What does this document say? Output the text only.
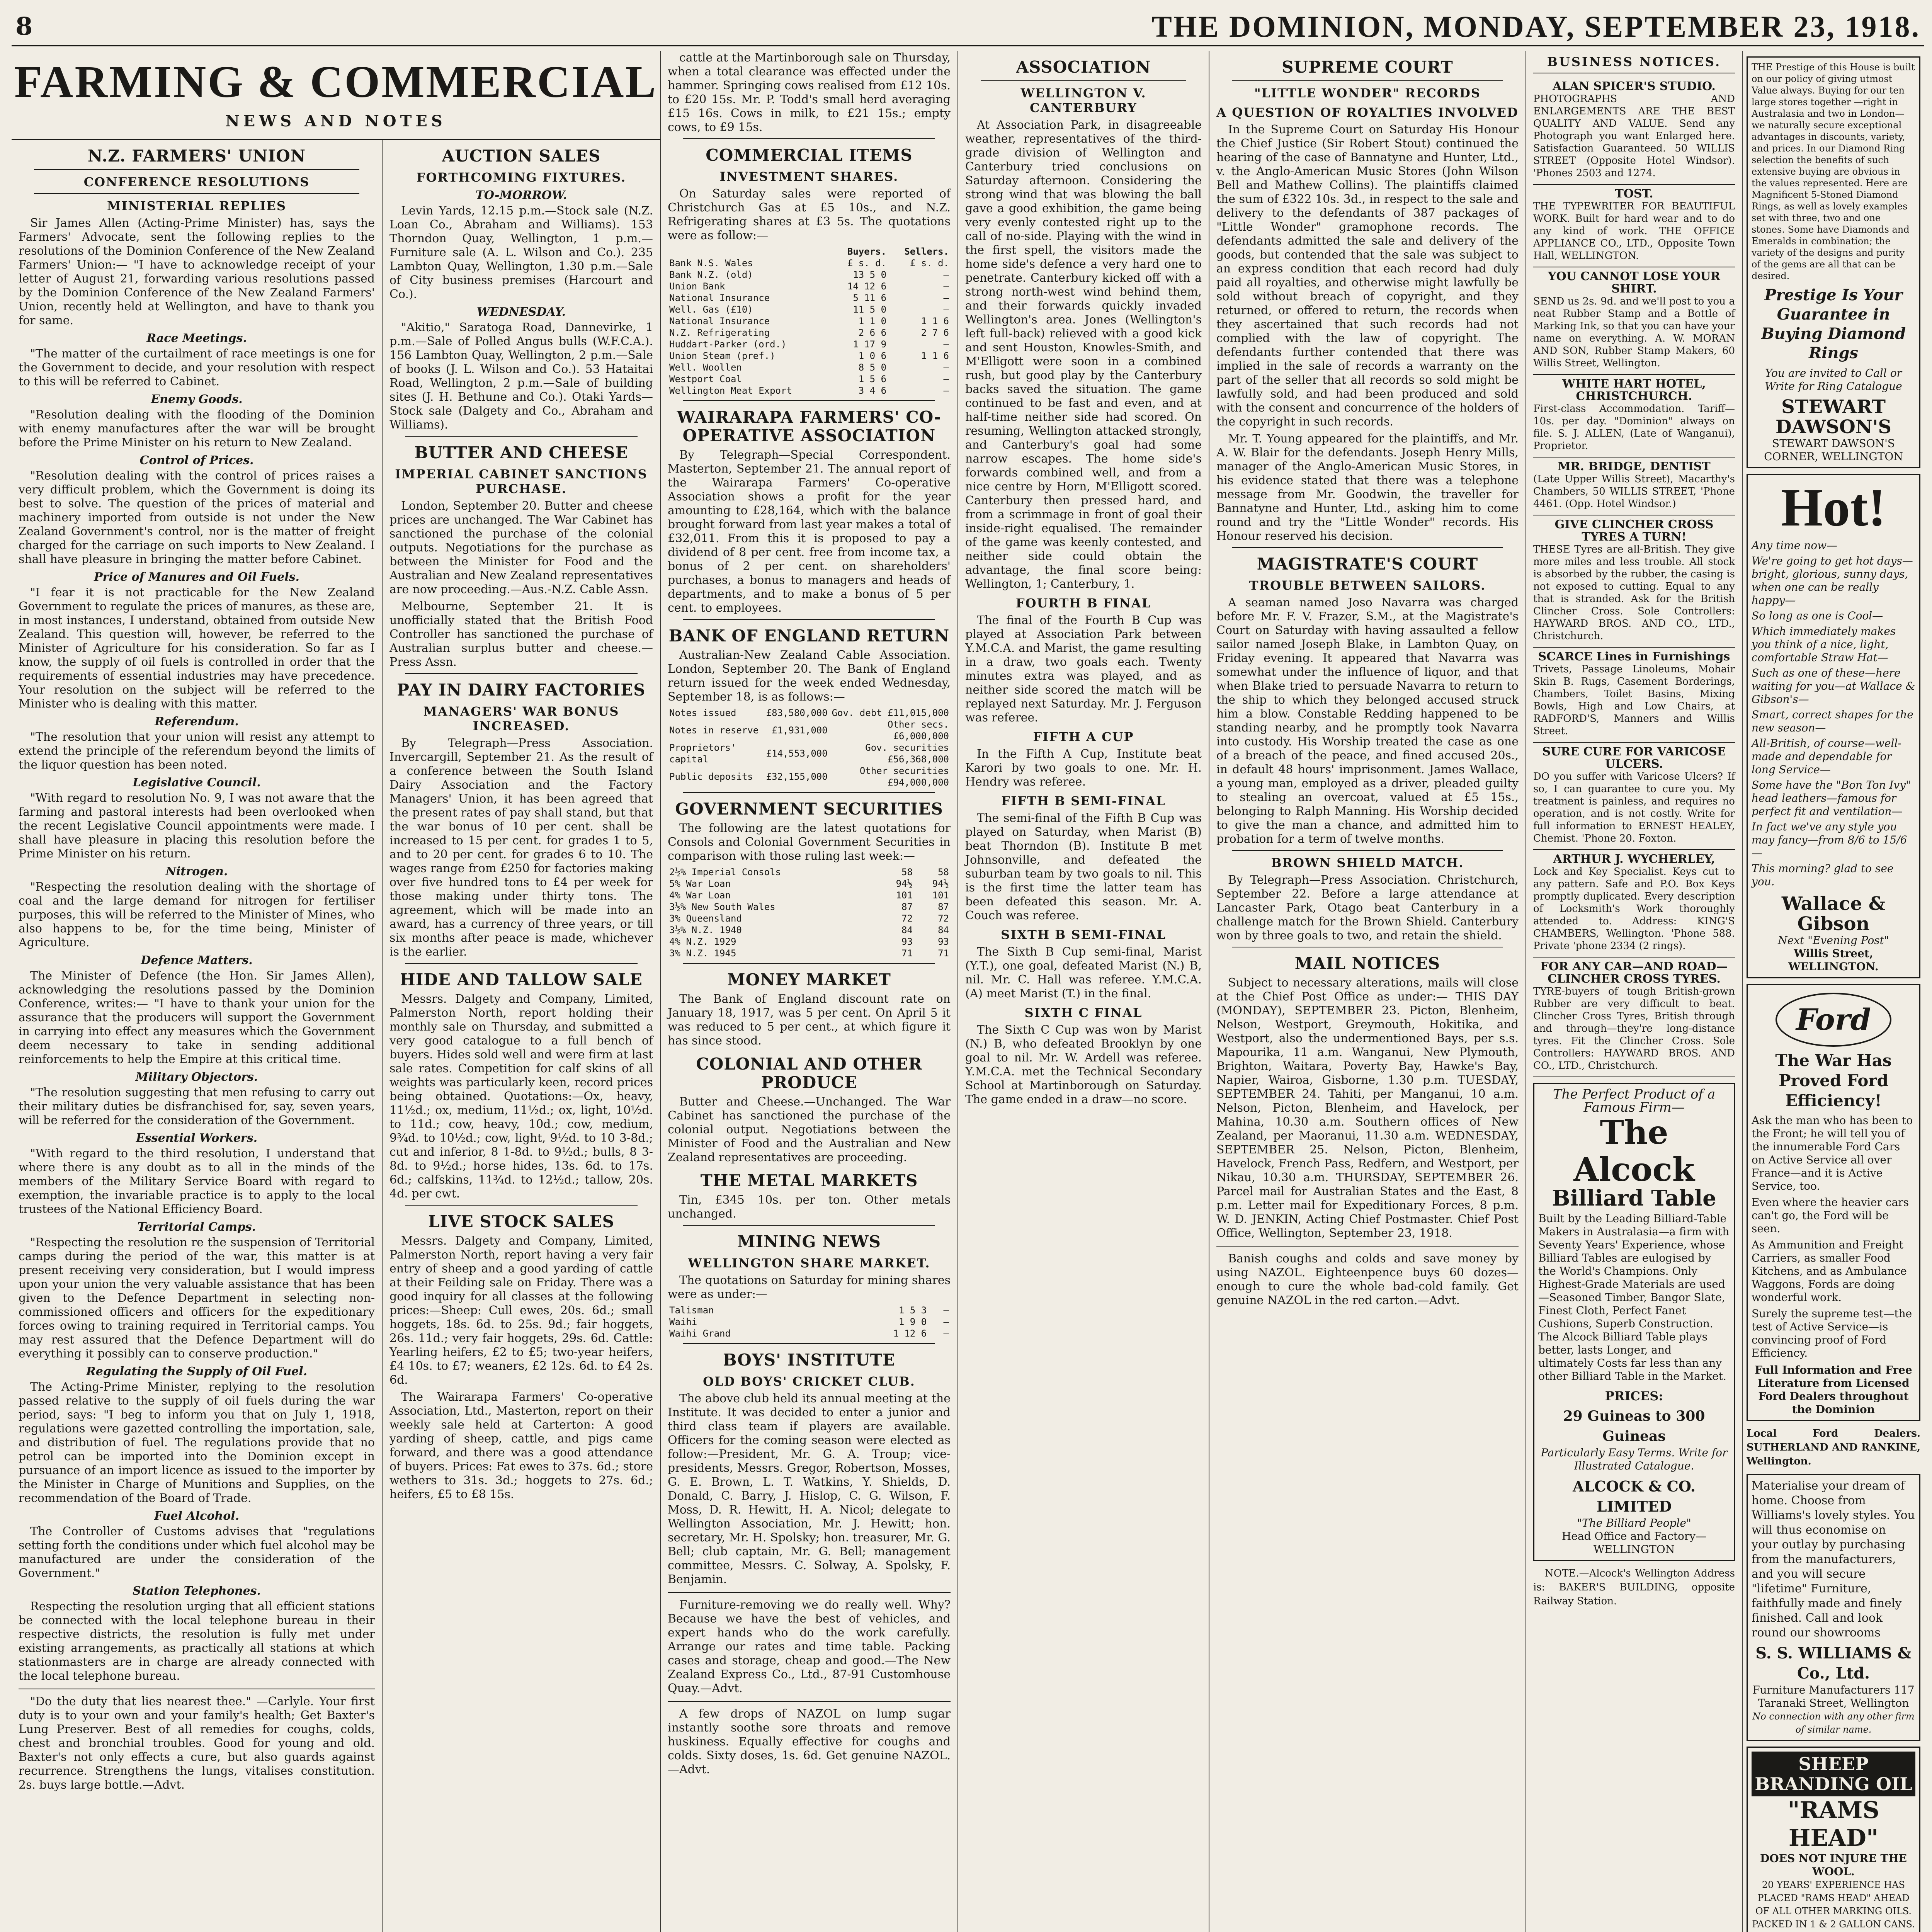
8	THE DOMINION, MONDAY, SEPTEMBER 23, 1918.
FARMING & COMMERCIAL
NEWS AND NOTES
N.Z. FARMERS' UNION
CONFERENCE RESOLUTIONS
MINISTERIAL REPLIES

Sir James Allen (Acting-Prime Minister) has, says the Farmers' Advocate, sent the following replies to the resolutions of the Dominion Conference of the New Zealand Farmers' Union:— "I have to acknowledge receipt of your letter of August 21, forwarding various resolutions passed by the Dominion Conference of the New Zealand Farmers' Union, recently held at Wellington, and have to thank you for same.

Race Meetings.

"The matter of the curtailment of race meetings is one for the Government to decide, and your resolution with respect to this will be referred to Cabinet.

Enemy Goods.

"Resolution dealing with the flooding of the Dominion with enemy manufactures after the war will be brought before the Prime Minister on his return to New Zealand.

Control of Prices.

"Resolution dealing with the control of prices raises a very difficult problem, which the Government is doing its best to solve. The question of the prices of material and machinery imported from outside is not under the New Zealand Government's control, nor is the matter of freight charged for the carriage on such imports to New Zealand. I shall have pleasure in bringing the matter before Cabinet.

Price of Manures and Oil Fuels.

"I fear it is not practicable for the New Zealand Government to regulate the prices of manures, as these are, in most instances, I understand, obtained from outside New Zealand. This question will, however, be referred to the Minister of Agriculture for his consideration. So far as I know, the supply of oil fuels is controlled in order that the requirements of essential industries may have precedence. Your resolution on the subject will be referred to the Minister who is dealing with this matter.

Referendum.

"The resolution that your union will resist any attempt to extend the principle of the referendum beyond the limits of the liquor question has been noted.

Legislative Council.

"With regard to resolution No. 9, I was not aware that the farming and pastoral interests had been overlooked when the recent Legislative Council appointments were made. I shall have pleasure in placing this resolution before the Prime Minister on his return.

Nitrogen.

"Respecting the resolution dealing with the shortage of coal and the large demand for nitrogen for fertiliser purposes, this will be referred to the Minister of Mines, who also happens to be, for the time being, Minister of Agriculture.

Defence Matters.

The Minister of Defence (the Hon. Sir James Allen), acknowledging the resolutions passed by the Dominion Conference, writes:— "I have to thank your union for the assurance that the producers will support the Government in carrying into effect any measures which the Government deem necessary to take in sending additional reinforcements to help the Empire at this critical time.

Military Objectors.

"The resolution suggesting that men refusing to carry out their military duties be disfranchised for, say, seven years, will be referred for the consideration of the Government.

Essential Workers.

"With regard to the third resolution, I understand that where there is any doubt as to all in the minds of the members of the Military Service Board with regard to exemption, the invariable practice is to apply to the local trustees of the National Efficiency Board.

Territorial Camps.

"Respecting the resolution re the suspension of Territorial camps during the period of the war, this matter is at present receiving very consideration, but I would impress upon your union the very valuable assistance that has been given to the Defence Department in selecting non-commissioned officers and officers for the expeditionary forces owing to training required in Territorial camps. You may rest assured that the Defence Department will do everything it possibly can to conserve production."

Regulating the Supply of Oil Fuel.

The Acting-Prime Minister, replying to the resolution passed relative to the supply of oil fuels during the war period, says: "I beg to inform you that on July 1, 1918, regulations were gazetted controlling the importation, sale, and distribution of fuel. The regulations provide that no petrol can be imported into the Dominion except in pursuance of an import licence as issued to the importer by the Minister in Charge of Munitions and Supplies, on the recommendation of the Board of Trade.

Fuel Alcohol.

The Controller of Customs advises that "regulations setting forth the conditions under which fuel alcohol may be manufactured are under the consideration of the Government."

Station Telephones.

Respecting the resolution urging that all efficient stations be connected with the local telephone bureau in their respective districts, the resolution is fully met under existing arrangements, as practically all stations at which stationmasters are in charge are already connected with the local telephone bureau.

"Do the duty that lies nearest thee." —Carlyle. Your first duty is to your own and your family's health; Get Baxter's Lung Preserver. Best of all remedies for coughs, colds, chest and bronchial troubles. Good for young and old. Baxter's not only effects a cure, but also guards against recurrence. Strengthens the lungs, vitalises constitution. 2s. buys large bottle.—Advt.

AUCTION SALES
FORTHCOMING FIXTURES.
TO-MORROW.

Levin Yards, 12.15 p.m.—Stock sale (N.Z. Loan Co., Abraham and Williams). 153 Thorndon Quay, Wellington, 1 p.m.—Furniture sale (A. L. Wilson and Co.). 235 Lambton Quay, Wellington, 1.30 p.m.—Sale of City business premises (Harcourt and Co.).

WEDNESDAY.

"Akitio," Saratoga Road, Dannevirke, 1 p.m.—Sale of Polled Angus bulls (W.F.C.A.). 156 Lambton Quay, Wellington, 2 p.m.—Sale of books (J. L. Wilson and Co.). 53 Hataitai Road, Wellington, 2 p.m.—Sale of building sites (J. H. Bethune and Co.). Otaki Yards—Stock sale (Dalgety and Co., Abraham and Williams).

BUTTER AND CHEESE
IMPERIAL CABINET SANCTIONS PURCHASE.

London, September 20. Butter and cheese prices are unchanged. The War Cabinet has sanctioned the purchase of the colonial outputs. Negotiations for the purchase as between the Minister for Food and the Australian and New Zealand representatives are now proceeding.—Aus.-N.Z. Cable Assn.

Melbourne, September 21. It is unofficially stated that the British Food Controller has sanctioned the purchase of Australian surplus butter and cheese.—Press Assn.

PAY IN DAIRY FACTORIES
MANAGERS' WAR BONUS INCREASED.

By Telegraph—Press Association. Invercargill, September 21. As the result of a conference between the South Island Dairy Association and the Factory Managers' Union, it has been agreed that the present rates of pay shall stand, but that the war bonus of 10 per cent. shall be increased to 15 per cent. for grades 1 to 5, and to 20 per cent. for grades 6 to 10. The wages range from £250 for factories making over five hundred tons to £4 per week for those making under thirty tons. The agreement, which will be made into an award, has a currency of three years, or till six months after peace is made, whichever is the earlier.

HIDE AND TALLOW SALE

Messrs. Dalgety and Company, Limited, Palmerston North, report holding their monthly sale on Thursday, and submitted a very good catalogue to a full bench of buyers. Hides sold well and were firm at last sale rates. Competition for calf skins of all weights was particularly keen, record prices being obtained. Quotations:—Ox, heavy, 11½d.; ox, medium, 11½d.; ox, light, 10½d. to 11d.; cow, heavy, 10d.; cow, medium, 9¾d. to 10½d.; cow, light, 9½d. to 10 3-8d.; cut and inferior, 8 1-8d. to 9½d.; bulls, 8 3-8d. to 9½d.; horse hides, 13s. 6d. to 17s. 6d.; calfskins, 11¾d. to 12½d.; tallow, 20s. 4d. per cwt.

LIVE STOCK SALES

Messrs. Dalgety and Company, Limited, Palmerston North, report having a very fair entry of sheep and a good yarding of cattle at their Feilding sale on Friday. There was a good inquiry for all classes at the following prices:—Sheep: Cull ewes, 20s. 6d.; small hoggets, 18s. 6d. to 25s. 9d.; fair hoggets, 26s. 11d.; very fair hoggets, 29s. 6d. Cattle: Yearling heifers, £2 to £5; two-year heifers, £4 10s. to £7; weaners, £2 12s. 6d. to £4 2s. 6d.

The Wairarapa Farmers' Co-operative Association, Ltd., Masterton, report on their weekly sale held at Carterton: A good yarding of sheep, cattle, and pigs came forward, and there was a good attendance of buyers. Prices: Fat ewes to 37s. 6d.; store wethers to 31s. 3d.; hoggets to 27s. 6d.; heifers, £5 to £8 15s.

cattle at the Martinborough sale on Thursday, when a total clearance was effected under the hammer. Springing cows realised from £12 10s. to £20 15s. Mr. P. Todd's small herd averaging £15 16s. Cows in milk, to £21 15s.; empty cows, to £9 15s.

COMMERCIAL ITEMS
INVESTMENT SHARES.

On Saturday sales were reported of Christchurch Gas at £5 10s., and N.Z. Refrigerating shares at £3 5s. The quotations were as follow:—

	Buyers.	Sellers.
Bank N.S. Wales	£ s. d.	£ s. d.
Bank N.Z. (old)	13 5 0	—
Union Bank	14 12 6	—
National Insurance	5 11 6	—
Well. Gas (£10)	11 5 0	—
National Insurance	1 1 0	1 1 6
N.Z. Refrigerating	2 6 6	2 7 6
Huddart-Parker (ord.)	1 17 9	—
Union Steam (pref.)	1 0 6	1 1 6
Well. Woollen	8 5 0	—
Westport Coal	1 5 6	—
Wellington Meat Export	3 4 6	—
WAIRARAPA FARMERS' CO-OPERATIVE ASSOCIATION

By Telegraph—Special Correspondent. Masterton, September 21. The annual report of the Wairarapa Farmers' Co-operative Association shows a profit for the year amounting to £28,164, which with the balance brought forward from last year makes a total of £32,011. From this it is proposed to pay a dividend of 8 per cent. free from income tax, a bonus of 2 per cent. on shareholders' purchases, a bonus to managers and heads of departments, and to make a bonus of 5 per cent. to employees.

BANK OF ENGLAND RETURN

Australian-New Zealand Cable Association. London, September 20. The Bank of England return issued for the week ended Wednesday, September 18, is as follows:—

Notes issued	£83,580,000	Gov. debt £11,015,000
Notes in reserve	£1,931,000	Other secs. £6,000,000
Proprietors' capital	£14,553,000	Gov. securities £56,368,000
Public deposits	£32,155,000	Other securities £94,000,000
GOVERNMENT SECURITIES

The following are the latest quotations for Consols and Colonial Government Securities in comparison with those ruling last week:—

2½% Imperial Consols	58	58
5% War Loan	94½	94½
4% War Loan	101	101
3½% New South Wales	87	87
3% Queensland	72	72
3½% N.Z. 1940	84	84
4% N.Z. 1929	93	93
3% N.Z. 1945	71	71
MONEY MARKET

The Bank of England discount rate on January 18, 1917, was 5 per cent. On April 5 it was reduced to 5 per cent., at which figure it has since stood.

COLONIAL AND OTHER PRODUCE

Butter and Cheese.—Unchanged. The War Cabinet has sanctioned the purchase of the colonial output. Negotiations between the Minister of Food and the Australian and New Zealand representatives are proceeding.

THE METAL MARKETS

Tin, £345 10s. per ton. Other metals unchanged.

MINING NEWS
WELLINGTON SHARE MARKET.

The quotations on Saturday for mining shares were as under:—

Talisman	1 5 3	—
Waihi	1 9 0	—
Waihi Grand	1 12 6	—
BOYS' INSTITUTE
OLD BOYS' CRICKET CLUB.

The above club held its annual meeting at the Institute. It was decided to enter a junior and third class team if players are available. Officers for the coming season were elected as follow:—President, Mr. G. A. Troup; vice-presidents, Messrs. Gregor, Robertson, Mosses, G. E. Brown, L. T. Watkins, Y. Shields, D. Donald, C. Barry, J. Hislop, C. G. Wilson, F. Moss, D. R. Hewitt, H. A. Nicol; delegate to Wellington Association, Mr. J. Hewitt; hon. secretary, Mr. H. Spolsky; hon. treasurer, Mr. G. Bell; club captain, Mr. G. Bell; management committee, Messrs. C. Solway, A. Spolsky, F. Benjamin.

Furniture-removing we do really well. Why? Because we have the best of vehicles, and expert hands who do the work carefully. Arrange our rates and time table. Packing cases and storage, cheap and good.—The New Zealand Express Co., Ltd., 87-91 Customhouse Quay.—Advt.

A few drops of NAZOL on lump sugar instantly soothe sore throats and remove huskiness. Equally effective for coughs and colds. Sixty doses, 1s. 6d. Get genuine NAZOL.—Advt.

ASSOCIATION
WELLINGTON V. CANTERBURY

At Association Park, in disagreeable weather, representatives of the third-grade division of Wellington and Canterbury tried conclusions on Saturday afternoon. Considering the strong wind that was blowing the ball gave a good exhibition, the game being very evenly contested right up to the call of no-side. Playing with the wind in the first spell, the visitors made the home side's defence a very hard one to penetrate. Canterbury kicked off with a strong north-west wind behind them, and their forwards quickly invaded Wellington's area. Jones (Wellington's left full-back) relieved with a good kick and sent Houston, Knowles-Smith, and M'Elligott were soon in a combined rush, but good play by the Canterbury backs saved the situation. The game continued to be fast and even, and at half-time neither side had scored. On resuming, Wellington attacked strongly, and Canterbury's goal had some narrow escapes. The home side's forwards combined well, and from a nice centre by Horn, M'Elligott scored. Canterbury then pressed hard, and from a scrimmage in front of goal their inside-right equalised. The remainder of the game was keenly contested, and neither side could obtain the advantage, the final score being: Wellington, 1; Canterbury, 1.

FOURTH B FINAL

The final of the Fourth B Cup was played at Association Park between Y.M.C.A. and Marist, the game resulting in a draw, two goals each. Twenty minutes extra was played, and as neither side scored the match will be replayed next Saturday. Mr. J. Ferguson was referee.

FIFTH A CUP

In the Fifth A Cup, Institute beat Karori by two goals to one. Mr. H. Hendry was referee.

FIFTH B SEMI-FINAL

The semi-final of the Fifth B Cup was played on Saturday, when Marist (B) beat Thorndon (B). Institute B met Johnsonville, and defeated the suburban team by two goals to nil. This is the first time the latter team has been defeated this season. Mr. A. Couch was referee.

SIXTH B SEMI-FINAL

The Sixth B Cup semi-final, Marist (Y.T.), one goal, defeated Marist (N.) B, nil. Mr. C. Hall was referee. Y.M.C.A. (A) meet Marist (T.) in the final.

SIXTH C FINAL

The Sixth C Cup was won by Marist (N.) B, who defeated Brooklyn by one goal to nil. Mr. W. Ardell was referee. Y.M.C.A. met the Technical Secondary School at Martinborough on Saturday. The game ended in a draw—no score.

SUPREME COURT
"LITTLE WONDER" RECORDS
A QUESTION OF ROYALTIES INVOLVED

In the Supreme Court on Saturday His Honour the Chief Justice (Sir Robert Stout) continued the hearing of the case of Bannatyne and Hunter, Ltd., v. the Anglo-American Music Stores (John Wilson Bell and Mathew Collins). The plaintiffs claimed the sum of £322 10s. 3d., in respect to the sale and delivery to the defendants of 387 packages of "Little Wonder" gramophone records. The defendants admitted the sale and delivery of the goods, but contended that the sale was subject to an express condition that each record had duly paid all royalties, and otherwise might lawfully be sold without breach of copyright, and they returned, or offered to return, the records when they ascertained that such records had not complied with the law of copyright. The defendants further contended that there was implied in the sale of records a warranty on the part of the seller that all records so sold might be lawfully sold, and had been produced and sold with the consent and concurrence of the holders of the copyright in such records.

Mr. T. Young appeared for the plaintiffs, and Mr. A. W. Blair for the defendants. Joseph Henry Mills, manager of the Anglo-American Music Stores, in his evidence stated that there was a telephone message from Mr. Goodwin, the traveller for Bannatyne and Hunter, Ltd., asking him to come round and try the "Little Wonder" records. His Honour reserved his decision.

MAGISTRATE'S COURT
TROUBLE BETWEEN SAILORS.

A seaman named Joso Navarra was charged before Mr. F. V. Frazer, S.M., at the Magistrate's Court on Saturday with having assaulted a fellow sailor named Joseph Blake, in Lambton Quay, on Friday evening. It appeared that Navarra was somewhat under the influence of liquor, and that when Blake tried to persuade Navarra to return to the ship to which they belonged accused struck him a blow. Constable Redding happened to be standing nearby, and he promptly took Navarra into custody. His Worship treated the case as one of a breach of the peace, and fined accused 20s., in default 48 hours' imprisonment. James Wallace, a young man, employed as a driver, pleaded guilty to stealing an overcoat, valued at £5 15s., belonging to Ralph Manning. His Worship decided to give the man a chance, and admitted him to probation for a term of twelve months.

BROWN SHIELD MATCH.

By Telegraph—Press Association. Christchurch, September 22. Before a large attendance at Lancaster Park, Otago beat Canterbury in a challenge match for the Brown Shield. Canterbury won by three goals to two, and retain the shield.

MAIL NOTICES

Subject to necessary alterations, mails will close at the Chief Post Office as under:— THIS DAY (MONDAY), SEPTEMBER 23. Picton, Blenheim, Nelson, Westport, Greymouth, Hokitika, and Westport, also the undermentioned Bays, per s.s. Mapourika, 11 a.m. Wanganui, New Plymouth, Brighton, Waitara, Poverty Bay, Hawke's Bay, Napier, Wairoa, Gisborne, 1.30 p.m. TUESDAY, SEPTEMBER 24. Tahiti, per Manganui, 10 a.m. Nelson, Picton, Blenheim, and Havelock, per Mahina, 10.30 a.m. Southern offices of New Zealand, per Maoranui, 11.30 a.m. WEDNESDAY, SEPTEMBER 25. Nelson, Picton, Blenheim, Havelock, French Pass, Redfern, and Westport, per Nikau, 10.30 a.m. THURSDAY, SEPTEMBER 26. Parcel mail for Australian States and the East, 8 p.m. Letter mail for Expeditionary Forces, 8 p.m. W. D. JENKIN, Acting Chief Postmaster. Chief Post Office, Wellington, September 23, 1918.

Banish coughs and colds and save money by using NAZOL. Eighteenpence buys 60 dozes—enough to cure the whole bad-cold family. Get genuine NAZOL in the red carton.—Advt.

BUSINESS NOTICES.
ALAN SPICER'S STUDIO.
PHOTOGRAPHS AND ENLARGEMENTS ARE THE BEST QUALITY AND VALUE. Send any Photograph you want Enlarged here. Satisfaction Guaranteed. 50 WILLIS STREET (Opposite Hotel Windsor). 'Phones 2503 and 1274.
TOST.
THE TYPEWRITER FOR BEAUTIFUL WORK. Built for hard wear and to do any kind of work. THE OFFICE APPLIANCE CO., LTD., Opposite Town Hall, WELLINGTON.
YOU CANNOT LOSE YOUR SHIRT.
SEND us 2s. 9d. and we'll post to you a neat Rubber Stamp and a Bottle of Marking Ink, so that you can have your name on everything. A. W. MORAN AND SON, Rubber Stamp Makers, 60 Willis Street, Wellington.
WHITE HART HOTEL, CHRISTCHURCH.
First-class Accommodation. Tariff—10s. per day. "Dominion" always on file. S. J. ALLEN, (Late of Wanganui), Proprietor.
MR. BRIDGE, DENTIST
(Late Upper Willis Street), Macarthy's Chambers, 50 WILLIS STREET, 'Phone 4461. (Opp. Hotel Windsor.)
GIVE CLINCHER CROSS TYRES A TURN!
THESE Tyres are all-British. They give more miles and less trouble. All stock is absorbed by the rubber, the casing is not exposed to cutting. Equal to any that is stranded. Ask for the British Clincher Cross. Sole Controllers: HAYWARD BROS. AND CO., LTD., Christchurch.
SCARCE Lines in Furnishings
Trivets, Passage Linoleums, Mohair Skin B. Rugs, Casement Borderings, Chambers, Toilet Basins, Mixing Bowls, High and Low Chairs, at RADFORD'S, Manners and Willis Street.
SURE CURE FOR VARICOSE ULCERS.
DO you suffer with Varicose Ulcers? If so, I can guarantee to cure you. My treatment is painless, and requires no operation, and is not costly. Write for full information to ERNEST HEALEY, Chemist. 'Phone 20. Foxton.
ARTHUR J. WYCHERLEY,
Lock and Key Specialist. Keys cut to any pattern. Safe and P.O. Box Keys promptly duplicated. Every description of Locksmith's Work thoroughly attended to. Address: KING'S CHAMBERS, Wellington. 'Phone 588. Private 'phone 2334 (2 rings).
FOR ANY CAR—AND ROAD—CLINCHER CROSS TYRES.
TYRE-buyers of tough British-grown Rubber are very difficult to beat. Clincher Cross Tyres, British through and through—they're long-distance tyres. Fit the Clincher Cross. Sole Controllers: HAYWARD BROS. AND CO., LTD., Christchurch.
The Perfect Product of a Famous Firm—
The Alcock
Billiard Table

Built by the Leading Billiard-Table Makers in Australasia—a firm with Seventy Years' Experience, whose Billiard Tables are eulogised by the World's Champions. Only Highest-Grade Materials are used—Seasoned Timber, Bangor Slate, Finest Cloth, Perfect Fanet Cushions, Superb Construction. The Alcock Billiard Table plays better, lasts Longer, and ultimately Costs far less than any other Billiard Table in the Market.

PRICES:
29 Guineas to 300 Guineas
Particularly Easy Terms. Write for Illustrated Catalogue.
ALCOCK & CO. LIMITED
"The Billiard People"
Head Office and Factory— WELLINGTON

NOTE.—Alcock's Wellington Address is: BAKER'S BUILDING, opposite Railway Station.

THE Prestige of this House is built on our policy of giving utmost Value always. Buying for our ten large stores together —right in Australasia and two in London— we naturally secure exceptional advantages in discounts, variety, and prices. In our Diamond Ring selection the benefits of such extensive buying are obvious in the values represented. Here are Magnificent 5-Stoned Diamond Rings, as well as lovely examples set with three, two and one stones. Some have Diamonds and Emeralds in combination; the variety of the designs and purity of the gems are all that can be desired.

Prestige Is Your Guarantee in Buying Diamond Rings
You are invited to Call or Write for Ring Catalogue
STEWART DAWSON'S
STEWART DAWSON'S CORNER, WELLINGTON
Hot!
Any time now—
We're going to get hot days—bright, glorious, sunny days, when one can be really happy—
So long as one is Cool—
Which immediately makes you think of a nice, light, comfortable Straw Hat—
Such as one of these—here waiting for you—at Wallace & Gibson's—
Smart, correct shapes for the new season—
All-British, of course—well-made and dependable for long Service—
Some have the "Bon Ton Ivy" head leathers—famous for perfect fit and ventilation—
In fact we've any style you may fancy—from 8/6 to 15/6—
This morning? glad to see you.
Wallace & Gibson
Next "Evening Post"
Willis Street, WELLINGTON.
Ford
The War Has Proved Ford Efficiency!
Ask the man who has been to the Front; he will tell you of the innumerable Ford Cars on Active Service all over France—and it is Active Service, too.
Even where the heavier cars can't go, the Ford will be seen.
As Ammunition and Freight Carriers, as smaller Food Kitchens, and as Ambulance Waggons, Fords are doing wonderful work.
Surely the supreme test—the test of Active Service—is convincing proof of Ford Efficiency.
Full Information and Free Literature from Licensed Ford Dealers throughout the Dominion
Local Ford Dealers. SUTHERLAND AND RANKINE, Wellington.

Materialise your dream of home. Choose from Williams's lovely styles. You will thus economise on your outlay by purchasing from the manufacturers, and you will secure "lifetime" Furniture, faithfully made and finely finished. Call and look round our showrooms

S. S. WILLIAMS & Co., Ltd.
Furniture Manufacturers 117 Taranaki Street, Wellington
No connection with any other firm of similar name.
SHEEP BRANDING OIL
"RAMS HEAD"
DOES NOT INJURE THE WOOL.

20 YEARS' EXPERIENCE HAS PLACED "RAMS HEAD" AHEAD OF ALL OTHER MARKING OILS. PACKED IN 1 & 2 GALLON CANS.
